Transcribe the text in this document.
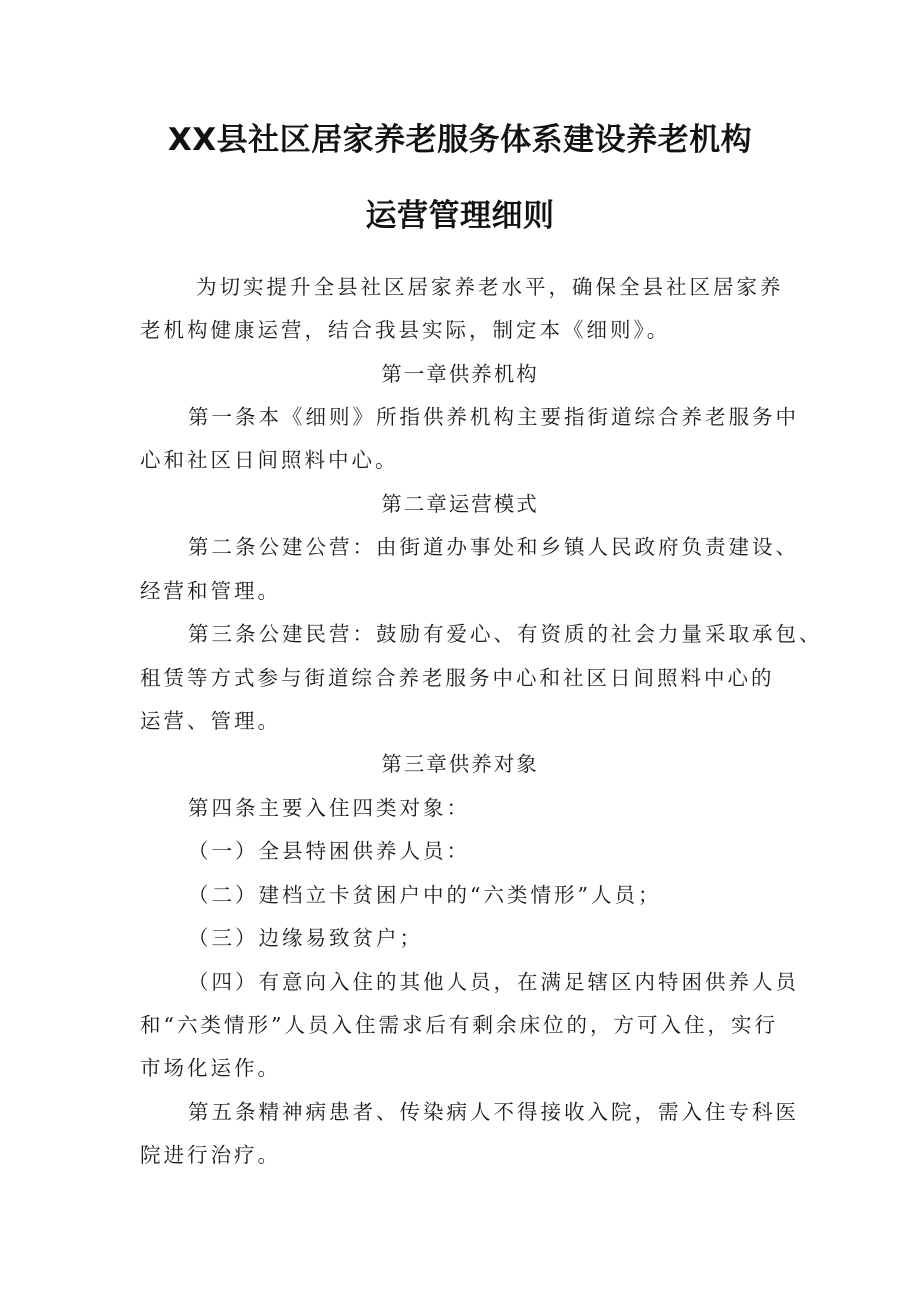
XX县社区居家养老服务体系建设养老机构
运营管理细则
为切实提升全县社区居家养老水平，确保全县社区居家养
老机构健康运营，结合我县实际，制定本《细则》。
第一章供养机构
第一条本《细则》所指供养机构主要指街道综合养老服务中
心和社区日间照料中心。
第二章运营模式
第二条公建公营：由街道办事处和乡镇人民政府负责建设、
经营和管理。
第三条公建民营：鼓励有爱心、有资质的社会力量采取承包、
租赁等方式参与街道综合养老服务中心和社区日间照料中心的
运营、管理。
第三章供养对象
第四条主要入住四类对象：
（一）全县特困供养人员：
（二）建档立卡贫困户中的“六类情形”人员；
（三）边缘易致贫户；
（四）有意向入住的其他人员，在满足辖区内特困供养人员
和“六类情形”人员入住需求后有剩余床位的，方可入住，实行
市场化运作。
第五条精神病患者、传染病人不得接收入院，需入住专科医
院进行治疗。
